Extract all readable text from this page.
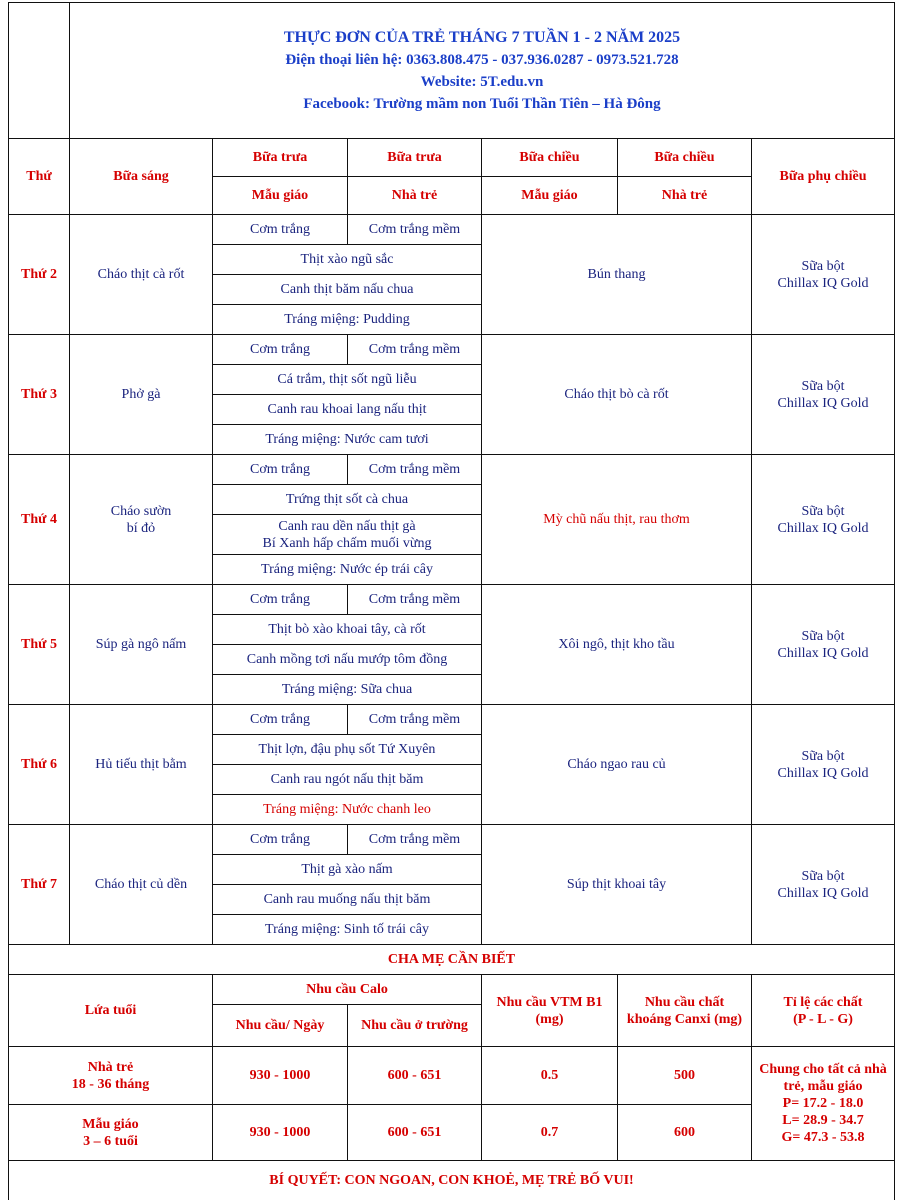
	THỰC ĐƠN CỦA TRẺ THÁNG 7 TUẦN 1 - 2 NĂM 2025
Điện thoại liên hệ: 0363.808.475 - 037.936.0287 - 0973.521.728
Website: 5T.edu.vn
Facebook: Trường mầm non Tuổi Thần Tiên – Hà Đông					

Thứ	Bữa sáng	Bữa trưa	Bữa trưa	Bữa chiều	Bữa chiều	Bữa phụ chiều
		Mẫu giáo	Nhà trẻ	Mẫu giáo	Nhà trẻ	
Thứ 2	Cháo thịt cà rốt	Cơm trắng	Cơm trắng mềm	Bún thang		Sữa bột
Chillax IQ Gold

		Thịt xào ngũ sắc				
		Canh thịt băm nấu chua				
		Tráng miệng: Pudding				
Thứ 3	Phở gà	Cơm trắng	Cơm trắng mềm	Cháo thịt bò cà rốt		Sữa bột
Chillax IQ Gold

		Cá trắm, thịt sốt ngũ liễu				
		Canh rau khoai lang nấu thịt				
		Tráng miệng: Nước cam tươi				
Thứ 4	Cháo sườn
bí đỏ	Cơm trắng	Cơm trắng mềm	Mỳ chũ nấu thịt, rau thơm		Sữa bột
Chillax IQ Gold

		Trứng thịt sốt cà chua				

		Canh rau dền nấu thịt gà
Bí Xanh hấp chấm muối vừng				

		Tráng miệng: Nước ép trái cây				
Thứ 5	Súp gà ngô nấm	Cơm trắng	Cơm trắng mềm	Xôi ngô, thịt kho tầu		Sữa bột
Chillax IQ Gold

		Thịt bò xào khoai tây, cà rốt				
		Canh mồng tơi nấu mướp tôm đồng				
		Tráng miệng: Sữa chua				
Thứ 6	Hủ tiếu thịt bằm	Cơm trắng	Cơm trắng mềm	Cháo ngao rau củ		Sữa bột
Chillax IQ Gold

		Thịt lợn, đậu phụ sốt Tứ Xuyên				
		Canh rau ngót nấu thịt băm				
		Tráng miệng: Nước chanh leo				
Thứ 7	Cháo thịt củ dền	Cơm trắng	Cơm trắng mềm	Súp thịt khoai tây		Sữa bột
Chillax IQ Gold

		Thịt gà xào nấm				
		Canh rau muống nấu thịt băm				
		Tráng miệng: Sinh tố trái cây				
CHA MẸ CẦN BIẾT						
Lứa tuổi		Nhu cầu Calo		Nhu cầu VTM B1
(mg)	Nhu cầu chất
khoáng Canxi (mg)	Tỉ lệ các chất
(P - L - G)

		Nhu cầu/ Ngày	Nhu cầu ở trường			

Nhà trẻ
18 - 36 tháng		930 - 1000	600 - 651	0.5	500	Chung cho tất cả nhà
trẻ, mẫu giáo
P= 17.2 - 18.0
L= 28.9 - 34.7
G= 47.3 - 53.8

Mẫu giáo
3 – 6 tuổi		930 - 1000	600 - 651	0.7	600	
BÍ QUYẾT: CON NGOAN, CON KHOẺ, MẸ TRẺ BỐ VUI!						
